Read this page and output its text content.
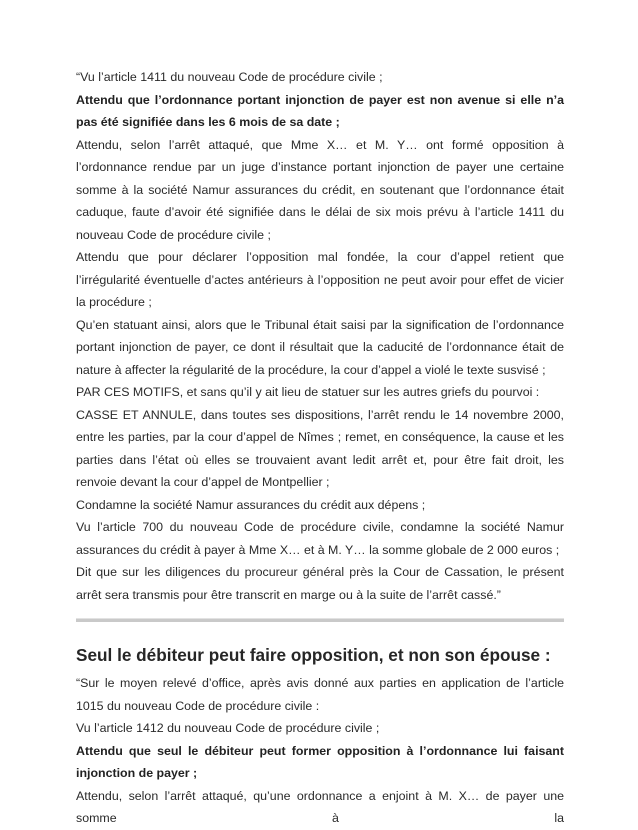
“Vu l’article 1411 du nouveau Code de procédure civile ;

Attendu que l’ordonnance portant injonction de payer est non avenue si elle n’a pas été signifiée dans les 6 mois de sa date ;

Attendu, selon l’arrêt attaqué, que Mme X… et M. Y… ont formé opposition à l’ordonnance rendue par un juge d’instance portant injonction de payer une certaine somme à la société Namur assurances du crédit, en soutenant que l’ordonnance était caduque, faute d’avoir été signifiée dans le délai de six mois prévu à l’article 1411 du nouveau Code de procédure civile ;

Attendu que pour déclarer l’opposition mal fondée, la cour d’appel retient que l’irrégularité éventuelle d’actes antérieurs à l’opposition ne peut avoir pour effet de vicier la procédure ;

Qu’en statuant ainsi, alors que le Tribunal était saisi par la signification de l’ordonnance portant injonction de payer, ce dont il résultait que la caducité de l’ordonnance était de nature à affecter la régularité de la procédure, la cour d’appel a violé le texte susvisé ;

PAR CES MOTIFS, et sans qu’il y ait lieu de statuer sur les autres griefs du pourvoi :

CASSE ET ANNULE, dans toutes ses dispositions, l’arrêt rendu le 14 novembre 2000, entre les parties, par la cour d’appel de Nîmes ; remet, en conséquence, la cause et les parties dans l’état où elles se trouvaient avant ledit arrêt et, pour être fait droit, les renvoie devant la cour d’appel de Montpellier ;

Condamne la société Namur assurances du crédit aux dépens ;

Vu l’article 700 du nouveau Code de procédure civile, condamne la société Namur assurances du crédit à payer à Mme X… et à M. Y… la somme globale de 2 000 euros ;

Dit que sur les diligences du procureur général près la Cour de Cassation, le présent arrêt sera transmis pour être transcrit en marge ou à la suite de l’arrêt cassé.”

Seul le débiteur peut faire opposition, et non son épouse :

“Sur le moyen relevé d’office, après avis donné aux parties en application de l’article 1015 du nouveau Code de procédure civile :

Vu l’article 1412 du nouveau Code de procédure civile ;

Attendu que seul le débiteur peut former opposition à l’ordonnance lui faisant injonction de payer ;

Attendu, selon l’arrêt attaqué, qu’une ordonnance a enjoint à M. X… de payer une somme à la
